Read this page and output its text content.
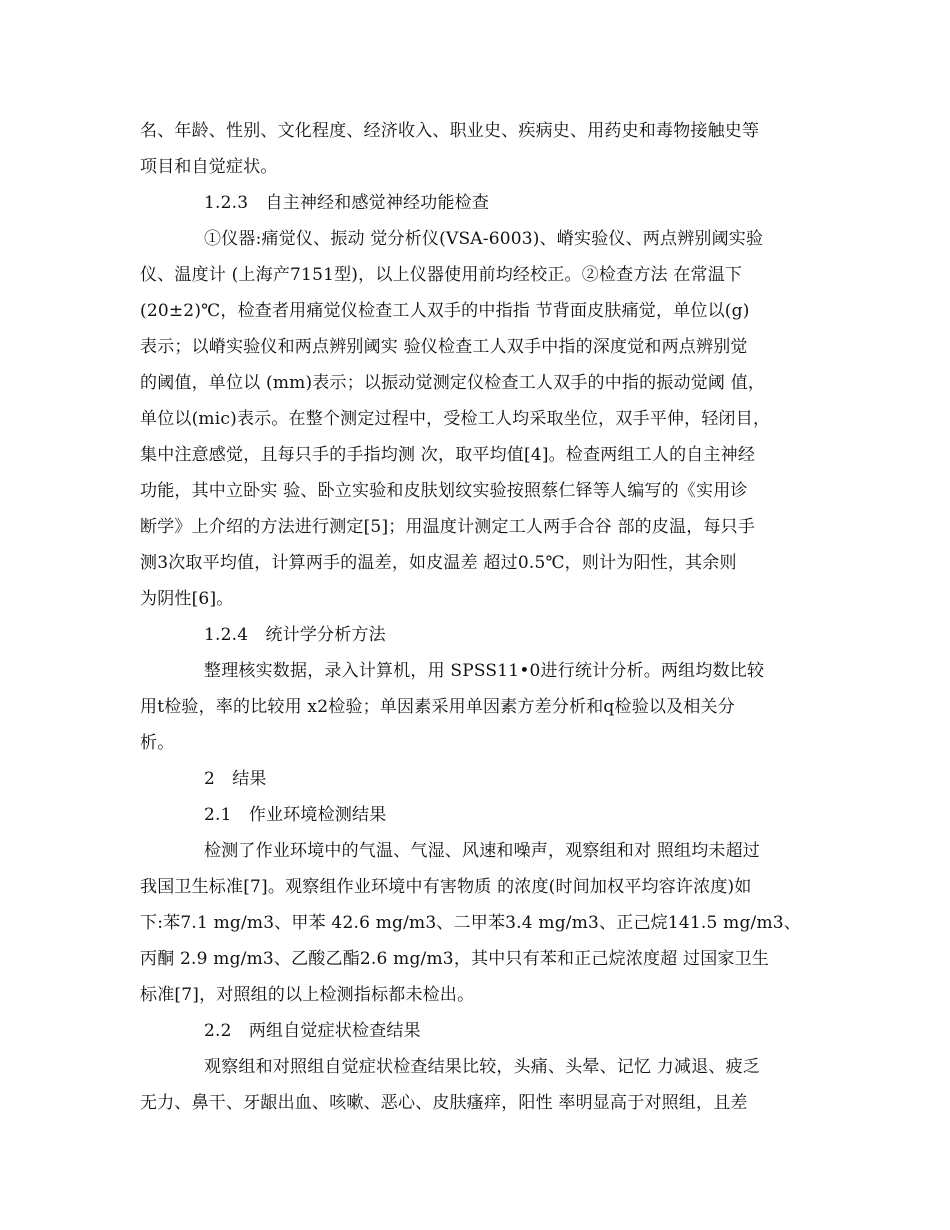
名、年龄、性别、文化程度、经济收入、职业史、疾病史、用药史和毒物接触史等
项目和自觉症状。
1.2.3　自主神经和感觉神经功能检查
①仪器:痛觉仪、振动 觉分析仪(VSA-6003)、嵴实验仪、两点辨别阈实验
仪、温度计 (上海产7151型)，以上仪器使用前均经校正。②检查方法 在常温下
(20±2)℃，检查者用痛觉仪检查工人双手的中指指 节背面皮肤痛觉，单位以(g)
表示；以嵴实验仪和两点辨别阈实 验仪检查工人双手中指的深度觉和两点辨别觉
的阈值，单位以 (mm)表示；以振动觉测定仪检查工人双手的中指的振动觉阈 值，
单位以(mic)表示。在整个测定过程中，受检工人均采取坐位，双手平伸，轻闭目，
集中注意感觉，且每只手的手指均测 次，取平均值[4]。检查两组工人的自主神经
功能，其中立卧实 验、卧立实验和皮肤划纹实验按照蔡仁铎等人编写的《实用诊
断学》上介绍的方法进行测定[5]；用温度计测定工人两手合谷 部的皮温，每只手
测3次取平均值，计算两手的温差，如皮温差 超过0.5℃，则计为阳性，其余则
为阴性[6]。
1.2.4　统计学分析方法
整理核实数据，录入计算机，用 SPSS11•0进行统计分析。两组均数比较
用t检验，率的比较用 x2检验；单因素采用单因素方差分析和q检验以及相关分
析。
2　结果
2.1　作业环境检测结果
检测了作业环境中的气温、气湿、风速和噪声，观察组和对 照组均未超过
我国卫生标准[7]。观察组作业环境中有害物质 的浓度(时间加权平均容许浓度)如
下:苯7.1 mg/m3、甲苯 42.6 mg/m3、二甲苯3.4 mg/m3、正己烷141.5 mg/m3、
丙酮 2.9 mg/m3、乙酸乙酯2.6 mg/m3，其中只有苯和正己烷浓度超 过国家卫生
标准[7]，对照组的以上检测指标都未检出。
2.2　两组自觉症状检查结果
观察组和对照组自觉症状检查结果比较，头痛、头晕、记忆 力减退、疲乏
无力、鼻干、牙龈出血、咳嗽、恶心、皮肤瘙痒，阳性 率明显高于对照组，且差
